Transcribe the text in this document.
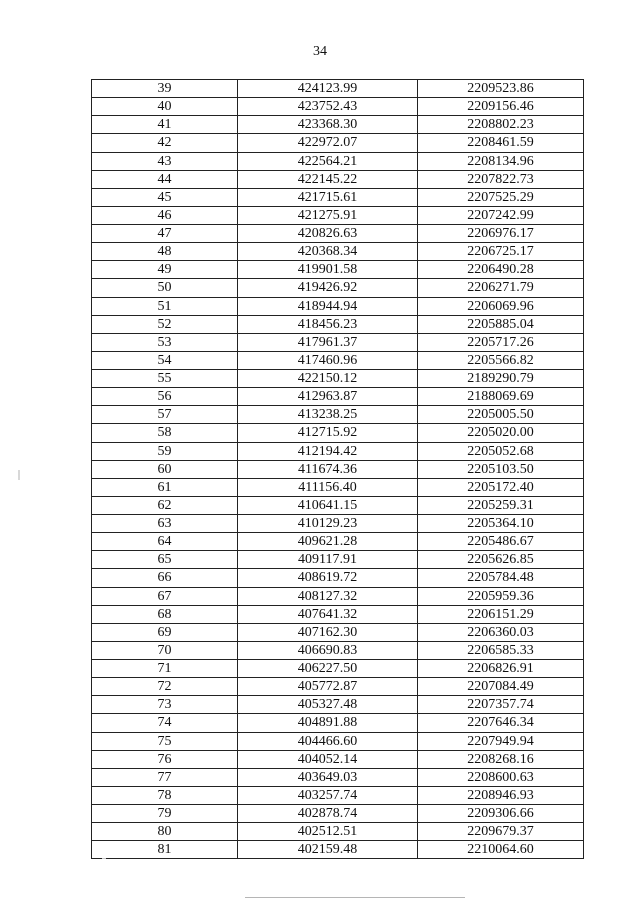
34
39	424123.99	2209523.86
40	423752.43	2209156.46
41	423368.30	2208802.23
42	422972.07	2208461.59
43	422564.21	2208134.96
44	422145.22	2207822.73
45	421715.61	2207525.29
46	421275.91	2207242.99
47	420826.63	2206976.17
48	420368.34	2206725.17
49	419901.58	2206490.28
50	419426.92	2206271.79
51	418944.94	2206069.96
52	418456.23	2205885.04
53	417961.37	2205717.26
54	417460.96	2205566.82
55	422150.12	2189290.79
56	412963.87	2188069.69
57	413238.25	2205005.50
58	412715.92	2205020.00
59	412194.42	2205052.68
60	411674.36	2205103.50
61	411156.40	2205172.40
62	410641.15	2205259.31
63	410129.23	2205364.10
64	409621.28	2205486.67
65	409117.91	2205626.85
66	408619.72	2205784.48
67	408127.32	2205959.36
68	407641.32	2206151.29
69	407162.30	2206360.03
70	406690.83	2206585.33
71	406227.50	2206826.91
72	405772.87	2207084.49
73	405327.48	2207357.74
74	404891.88	2207646.34
75	404466.60	2207949.94
76	404052.14	2208268.16
77	403649.03	2208600.63
78	403257.74	2208946.93
79	402878.74	2209306.66
80	402512.51	2209679.37
81	402159.48	2210064.60
